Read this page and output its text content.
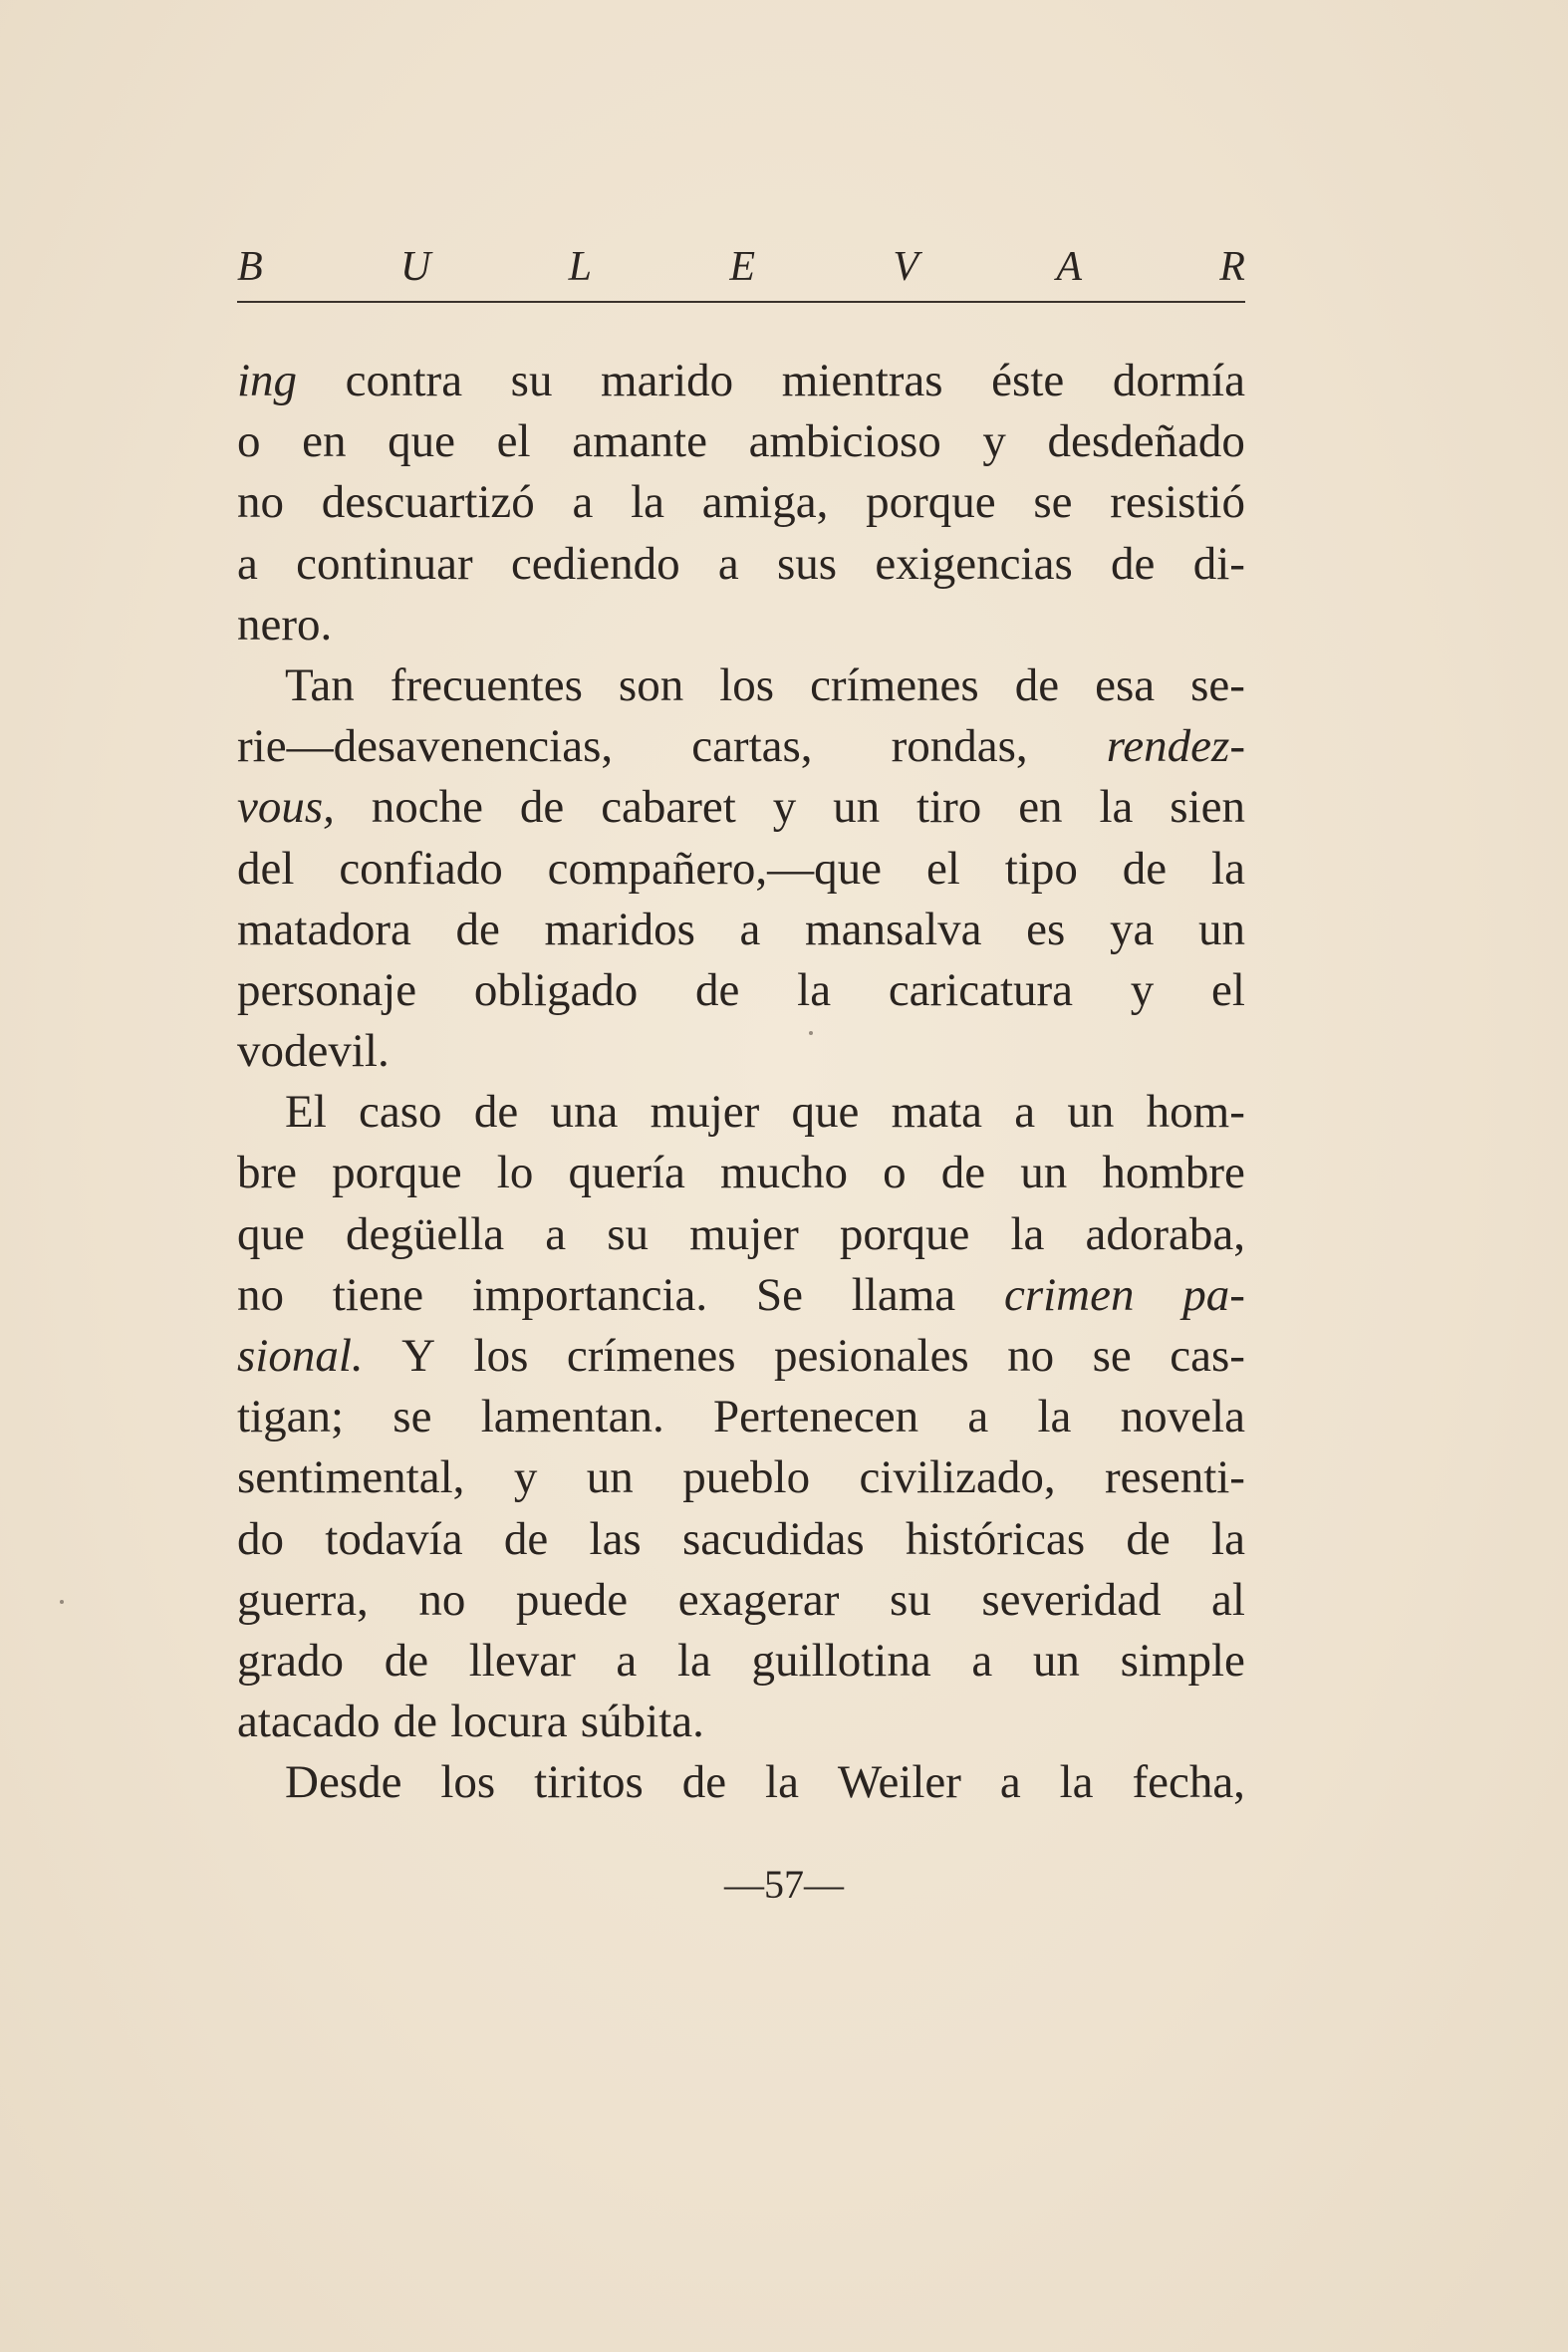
B	U	L	E	V	A	R
ing contra su marido mientras éste dormía
o en que el amante ambicioso y desdeñado
no descuartizó a la amiga, porque se resistió
a continuar cediendo a sus exigencias de di-
nero.
Tan frecuentes son los crímenes de esa se-
rie—desavenencias, cartas, rondas, rendez-
vous, noche de cabaret y un tiro en la sien
del confiado compañero,—que el tipo de la
matadora de maridos a mansalva es ya un
personaje obligado de la caricatura y el
vodevil.
El caso de una mujer que mata a un hom-
bre porque lo quería mucho o de un hombre
que degüella a su mujer porque la adoraba,
no tiene importancia. Se llama crimen pa-
sional. Y los crímenes pesionales no se cas-
tigan; se lamentan. Pertenecen a la novela
sentimental, y un pueblo civilizado, resenti-
do todavía de las sacudidas históricas de la
guerra, no puede exagerar su severidad al
grado de llevar a la guillotina a un simple
atacado de locura súbita.
Desde los tiritos de la Weiler a la fecha,
—57—
